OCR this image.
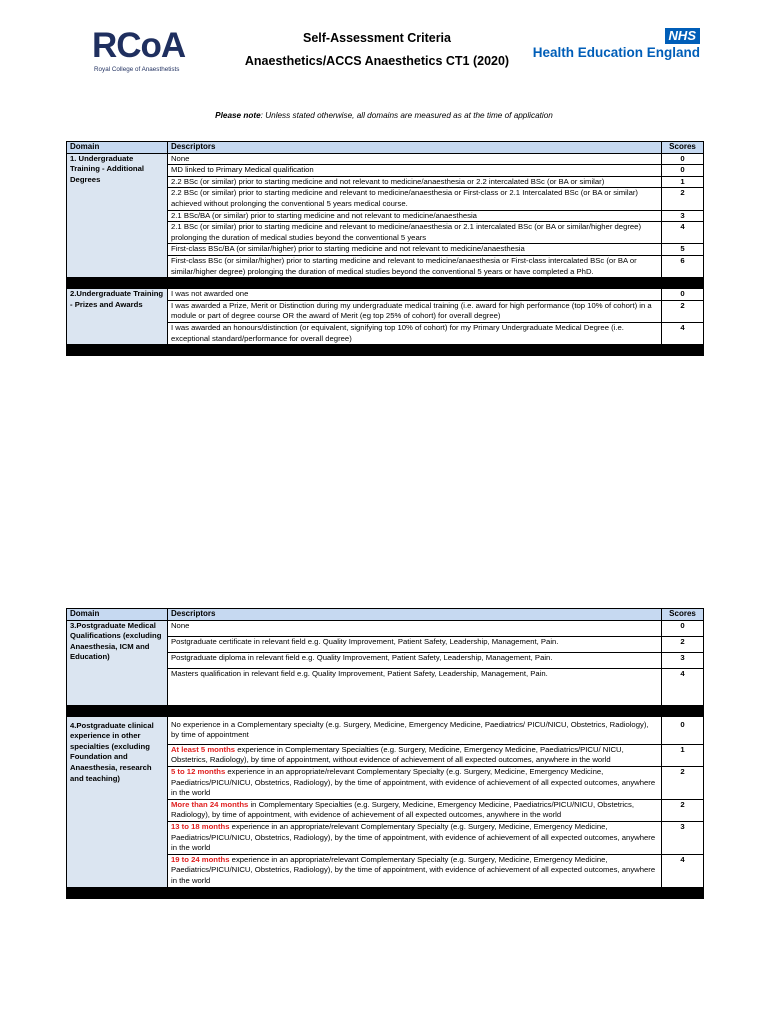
RCoA
Royal College of Anaesthetists
Self-Assessment Criteria
Anaesthetics/ACCS Anaesthetics CT1 (2020)
NHS
Health Education England
Please note: Unless stated otherwise, all domains are measured as at the time of application
Domain	Descriptors	Scores
1. Undergraduate Training - Additional Degrees	None	0
	MD linked to Primary Medical qualification	0
	2.2 BSc (or similar) prior to starting medicine and not relevant to medicine/anaesthesia or 2.2 intercalated BSc (or BA or similar)	1
	2.2 BSc (or similar) prior to starting medicine and relevant to medicine/anaesthesia or First-class or 2.1 Intercalated BSc (or BA or similar) achieved without prolonging the conventional 5 years medical course.	2
	2.1 BSc/BA (or similar) prior to starting medicine and not relevant to medicine/anaesthesia	3
	2.1 BSc (or similar) prior to starting medicine and relevant to medicine/anaesthesia or 2.1 intercalated BSc (or BA or similar/higher degree) prolonging the duration of medical studies beyond the conventional 5 years	4
	First-class BSc/BA (or similar/higher) prior to starting medicine and not relevant to medicine/anaesthesia	5
	First-class BSc (or similar/higher) prior to starting medicine and relevant to medicine/anaesthesia or First-class intercalated BSc (or BA or similar/higher degree) prolonging the duration of medical studies beyond the conventional 5 years or have completed a PhD.	6

2.Undergraduate Training - Prizes and Awards	I was not awarded one	0
	I was awarded a Prize, Merit or Distinction during my undergraduate medical training (i.e. award for high performance (top 10% of cohort) in a module or part of degree course OR the award of Merit (eg top 25% of cohort) for overall degree)	2
	I was awarded an honours/distinction (or equivalent, signifying top 10% of cohort) for my Primary Undergraduate Medical Degree (i.e. exceptional standard/performance for overall degree)	4

Domain	Descriptors	Scores
3.Postgraduate Medical Qualifications (excluding Anaesthesia, ICM and Education)	None	0
	Postgraduate certificate in relevant field e.g. Quality Improvement, Patient Safety, Leadership, Management, Pain.	2
	Postgraduate diploma in relevant field e.g. Quality Improvement, Patient Safety, Leadership, Management, Pain.	3
	Masters qualification in relevant field e.g. Quality Improvement, Patient Safety, Leadership, Management, Pain.	4

4.Postgraduate clinical experience in other specialties (excluding Foundation and Anaesthesia, research and teaching)	No experience in a Complementary specialty (e.g. Surgery, Medicine, Emergency Medicine, Paediatrics/ PICU/NICU, Obstetrics, Radiology), by time of appointment	0
	At least 5 months experience in Complementary Specialties (e.g. Surgery, Medicine, Emergency Medicine, Paediatrics/PICU/ NICU, Obstetrics, Radiology), by time of appointment, without evidence of achievement of all expected outcomes, anywhere in the world	1
	5 to 12 months experience in an appropriate/relevant Complementary Specialty (e.g. Surgery, Medicine, Emergency Medicine, Paediatrics/PICU/NICU, Obstetrics, Radiology), by the time of appointment, with evidence of achievement of all expected outcomes, anywhere in the world	2
	More than 24 months in Complementary Specialties (e.g. Surgery, Medicine, Emergency Medicine, Paediatrics/PICU/NICU, Obstetrics, Radiology), by time of appointment, with evidence of achievement of all expected outcomes, anywhere in the world	2
	13 to 18 months experience in an appropriate/relevant Complementary Specialty (e.g. Surgery, Medicine, Emergency Medicine, Paediatrics/PICU/NICU, Obstetrics, Radiology), by the time of appointment, with evidence of achievement of all expected outcomes, anywhere in the world	3
	19 to 24 months experience in an appropriate/relevant Complementary Specialty (e.g. Surgery, Medicine, Emergency Medicine, Paediatrics/PICU/NICU, Obstetrics, Radiology), by the time of appointment, with evidence of achievement of all expected outcomes, anywhere in the world	4
